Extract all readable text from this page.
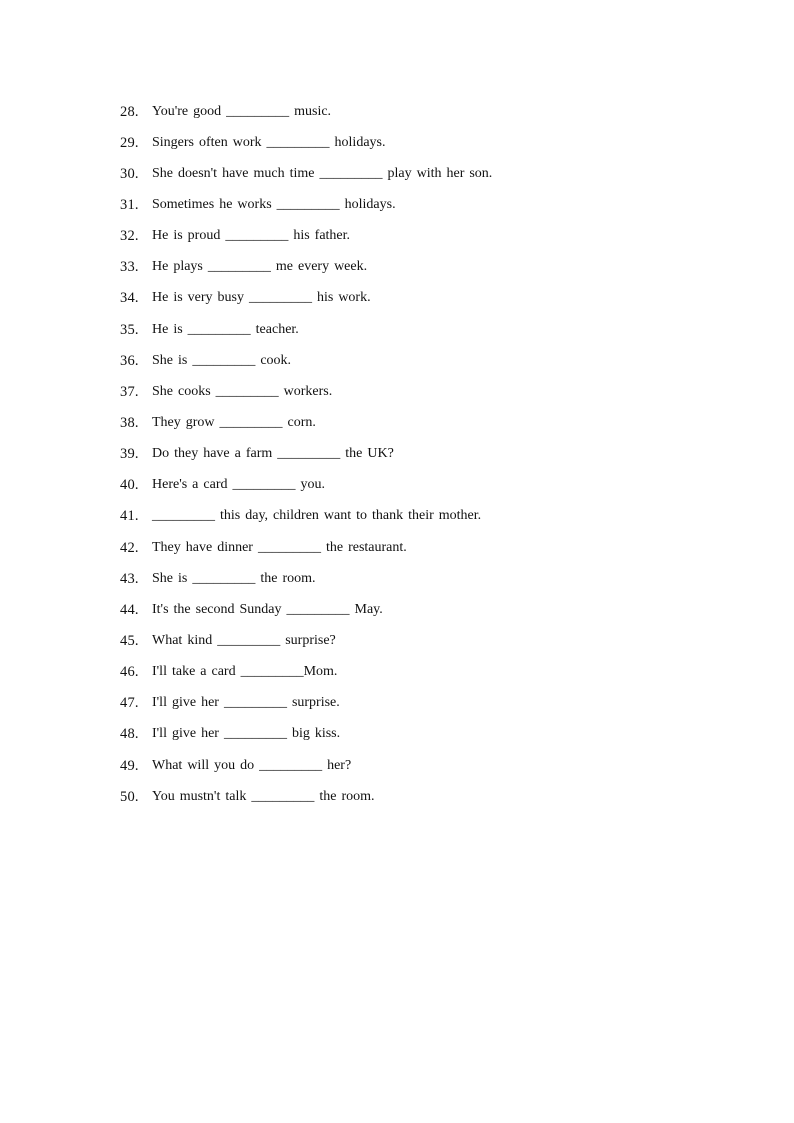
28. You're good _________ music.
29. Singers often work _________ holidays.
30. She doesn't have much time _________ play with her son.
31. Sometimes he works _________ holidays.
32. He is proud _________ his father.
33. He plays _________ me every week.
34. He is very busy _________ his work.
35. He is _________ teacher.
36. She is _________ cook.
37. She cooks _________ workers.
38. They grow _________ corn.
39. Do they have a farm _________ the UK?
40. Here's a card _________ you.
41. _________ this day, children want to thank their mother.
42. They have dinner _________ the restaurant.
43. She is _________ the room.
44. It's the second Sunday _________ May.
45. What kind _________ surprise?
46. I'll take a card _________Mom.
47. I'll give her _________ surprise.
48. I'll give her _________ big kiss.
49. What will you do _________ her?
50. You mustn't talk _________ the room.
